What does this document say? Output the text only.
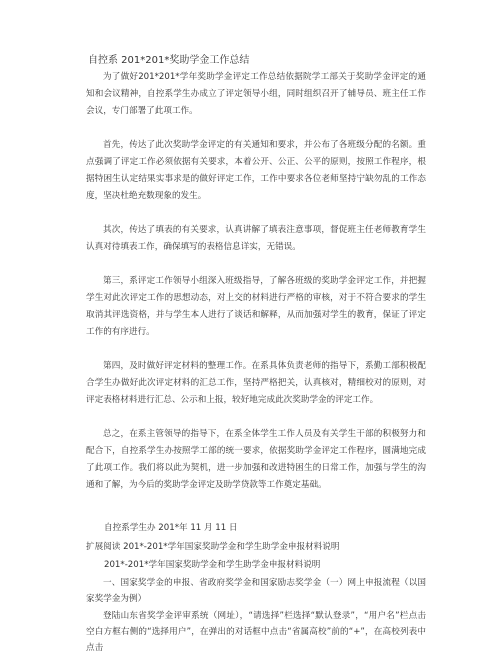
自控系 201*201*奖助学金工作总结

为了做好201*201*学年奖助学金评定工作总结依据院学工部关于奖助学金评定的通知和会议精神，自控系学生办成立了评定领导小组，同时组织召开了辅导员、班主任工作会议，专门部署了此项工作。

首先，传达了此次奖助学金评定的有关通知和要求，并公布了各班级分配的名额。重点强调了评定工作必须依据有关要求，本着公开、公正、公平的原则，按照工作程序，根据特困生认定结果实事求是的做好评定工作，工作中要求各位老师坚持宁缺勿乱的工作态度，坚决杜绝充数现象的发生。

其次，传达了填表的有关要求，认真讲解了填表注意事项，督促班主任老师教育学生认真对待填表工作，确保填写的表格信息详实，无错误。

第三，系评定工作领导小组深入班级指导，了解各班级的奖助学金评定工作，并把握学生对此次评定工作的思想动态，对上交的材料进行严格的审核，对于不符合要求的学生取消其评选资格，并与学生本人进行了谈话和解释，从而加强对学生的教育，保证了评定工作的有序进行。

第四，及时做好评定材料的整理工作。在系具体负责老师的指导下，系勤工部积极配合学生办做好此次评定材料的汇总工作，坚持严格把关，认真核对，精细校对的原则，对评定表格材料进行汇总、公示和上报，较好地完成此次奖助学金的评定工作。

总之，在系主管领导的指导下，在系全体学生工作人员及有关学生干部的积极努力和配合下，自控系学生办按照学工部的统一要求，依据奖助学金评定工作程序，圆满地完成了此项工作。我们将以此为契机，进一步加强和改进特困生的日常工作，加强与学生的沟通和了解，为今后的奖助学金评定及助学贷款等工作奠定基础。

自控系学生办 201*年 11 月 11 日
扩展阅读 201*-201*学年国家奖助学金和学生助学金申报材料说明
201*-201*学年国家奖助学金和学生助学金申报材料说明

一、国家奖学金的申报、省政府奖学金和国家励志奖学金（一）网上申报流程（以国家奖学金为例）

登陆山东省奖学金评审系统（网址），“请选择”栏选择“默认登录”，“用户名”栏点击空白方框右侧的“选择用户”，在弹出的对话框中点击“省属高校”前的“+”，在高校列表中点击
